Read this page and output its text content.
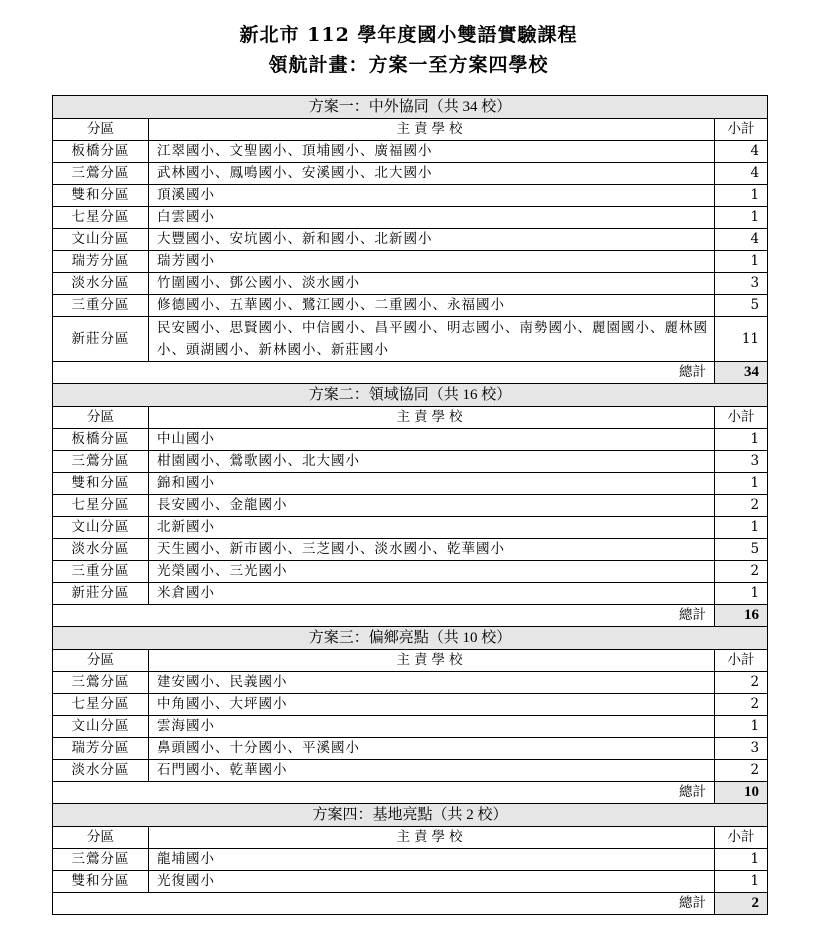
新北市 112 學年度國小雙語實驗課程
領航計畫：方案一至方案四學校
方案一：中外協同（共 34 校）		
分區	主責學校	小計
板橋分區	江翠國小、文聖國小、頂埔國小、廣福國小	4
三鶯分區	武林國小、鳳鳴國小、安溪國小、北大國小	4
雙和分區	頂溪國小	1
七星分區	白雲國小	1
文山分區	大豐國小、安坑國小、新和國小、北新國小	4
瑞芳分區	瑞芳國小	1
淡水分區	竹圍國小、鄧公國小、淡水國小	3
三重分區	修德國小、五華國小、鷺江國小、二重國小、永福國小	5
新莊分區	民安國小、思賢國小、中信國小、昌平國小、明志國小、南勢國小、麗園國小、麗林國小、頭湖國小、新林國小、新莊國小	11
總計		34
方案二：領域協同（共 16 校）		
分區	主責學校	小計
板橋分區	中山國小	1
三鶯分區	柑園國小、鶯歌國小、北大國小	3
雙和分區	錦和國小	1
七星分區	長安國小、金龍國小	2
文山分區	北新國小	1
淡水分區	天生國小、新市國小、三芝國小、淡水國小、乾華國小	5
三重分區	光榮國小、三光國小	2
新莊分區	米倉國小	1
總計		16
方案三：偏鄉亮點（共 10 校）		
分區	主責學校	小計
三鶯分區	建安國小、民義國小	2
七星分區	中角國小、大坪國小	2
文山分區	雲海國小	1
瑞芳分區	鼻頭國小、十分國小、平溪國小	3
淡水分區	石門國小、乾華國小	2
總計		10
方案四：基地亮點（共 2 校）		
分區	主責學校	小計
三鶯分區	龍埔國小	1
雙和分區	光復國小	1
總計		2
